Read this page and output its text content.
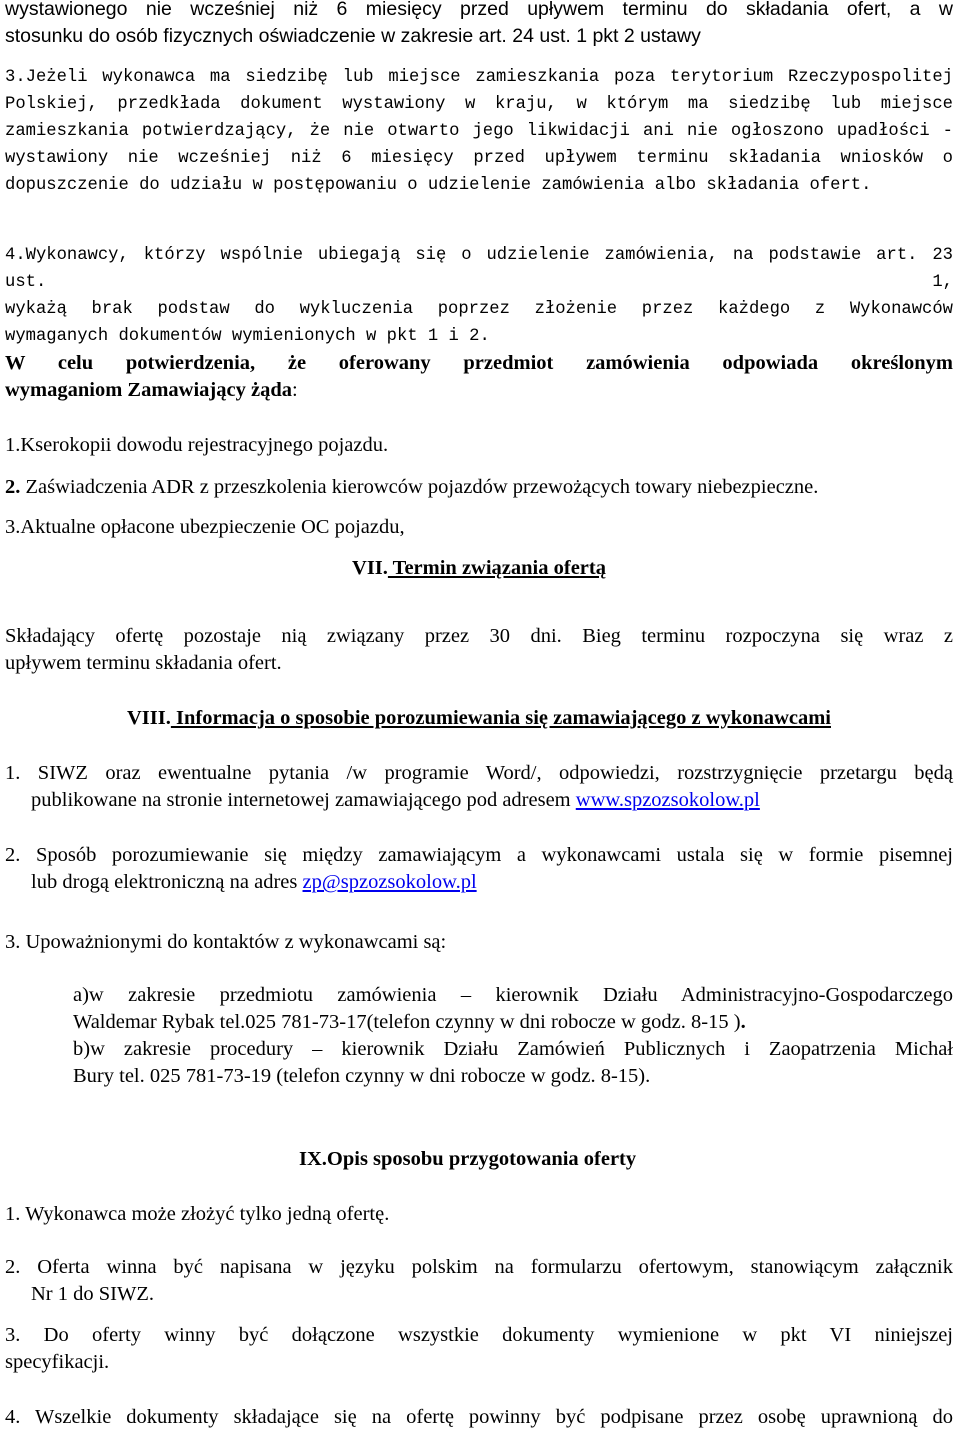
wystawionego nie wcześniej niż 6 miesięcy przed upływem terminu do składania ofert, a w
stosunku do osób fizycznych oświadczenie w zakresie art. 24 ust. 1 pkt 2 ustawy
3.Jeżeli wykonawca ma siedzibę lub miejsce zamieszkania poza terytorium Rzeczypospolitej
Polskiej, przedkłada dokument wystawiony w kraju, w którym ma siedzibę lub miejsce
zamieszkania potwierdzający, że nie otwarto jego likwidacji ani nie ogłoszono upadłości -
wystawiony nie wcześniej niż 6 miesięcy przed upływem terminu składania wniosków o
dopuszczenie do udziału w postępowaniu o udzielenie zamówienia albo składania ofert.
4.Wykonawcy, którzy wspólnie ubiegają się o udzielenie zamówienia, na podstawie art. 23 ust. 1,
wykażą brak podstaw do wykluczenia poprzez złożenie przez każdego z Wykonawców
wymaganych dokumentów wymienionych w pkt 1 i 2.
W celu potwierdzenia, że oferowany przedmiot zamówienia odpowiada określonym
wymaganiom Zamawiający żąda:
1.Kserokopii dowodu rejestracyjnego pojazdu.
2. Zaświadczenia ADR z przeszkolenia kierowców pojazdów przewożących towary niebezpieczne.
3.Aktualne opłacone ubezpieczenie OC pojazdu,
VII. Termin związania ofertą
Składający ofertę pozostaje nią związany przez 30 dni. Bieg terminu rozpoczyna się wraz z
upływem terminu składania ofert.
VIII. Informacja o sposobie porozumiewania się zamawiającego z wykonawcami
1. SIWZ oraz ewentualne pytania /w programie Word/, odpowiedzi, rozstrzygnięcie przetargu będą
publikowane na stronie internetowej zamawiającego pod adresem www.spzozsokolow.pl
2. Sposób porozumiewanie się między zamawiającym a wykonawcami ustala się w formie pisemnej
lub drogą elektroniczną na adres zp@spzozsokolow.pl
3. Upoważnionymi do kontaktów z wykonawcami są:
a)w zakresie przedmiotu zamówienia – kierownik Działu Administracyjno-Gospodarczego
Waldemar Rybak tel.025 781-73-17(telefon czynny w dni robocze w godz. 8-15 ).
b)w zakresie procedury – kierownik Działu Zamówień Publicznych i Zaopatrzenia Michał
Bury tel. 025 781-73-19 (telefon czynny w dni robocze w godz. 8-15).
IX.Opis sposobu przygotowania oferty
1. Wykonawca może złożyć tylko jedną ofertę.
2. Oferta winna być napisana w języku polskim na formularzu ofertowym, stanowiącym załącznik
Nr 1 do SIWZ.
3. Do oferty winny być dołączone wszystkie dokumenty wymienione w pkt VI niniejszej
specyfikacji.
4. Wszelkie dokumenty składające się na ofertę powinny być podpisane przez osobę uprawnioną do
